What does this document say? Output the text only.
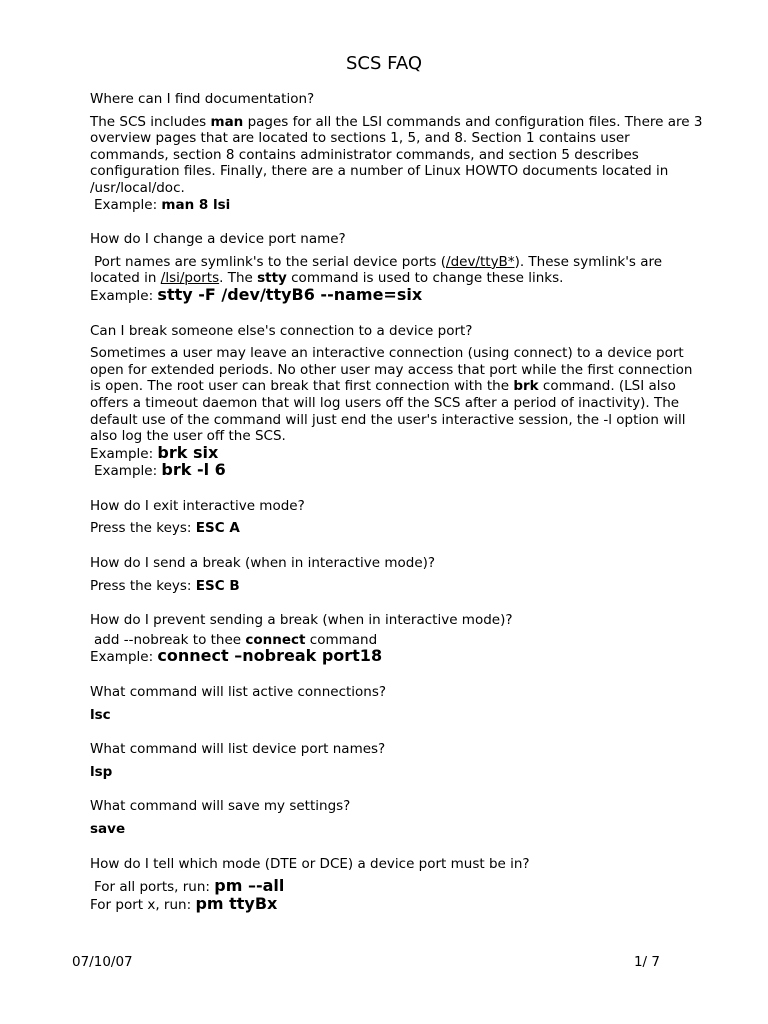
SCS FAQ

Where can I find documentation?

The SCS includes man pages for all the LSI commands and configuration files. There are 3 overview pages that are located to sections 1, 5, and 8. Section 1 contains user commands, section 8 contains administrator commands, and section 5 describes configuration files. Finally, there are a number of Linux HOWTO documents located in /usr/local/doc.

Example: man 8 lsi

How do I change a device port name?

Port names are symlink's to the serial device ports (/dev/ttyB*). These symlink's are located in /lsi/ports. The stty command is used to change these links.

Example: stty -F /dev/ttyB6 --name=six

Can I break someone else's connection to a device port?

Sometimes a user may leave an interactive connection (using connect) to a device port open for extended periods. No other user may access that port while the first connection is open. The root user can break that first connection with the brk command. (LSI also offers a timeout daemon that will log users off the SCS after a period of inactivity). The default use of the command will just end the user's interactive session, the -l option will also log the user off the SCS.

Example: brk six

Example: brk -l 6

How do I exit interactive mode?

Press the keys: ESC A

How do I send a break (when in interactive mode)?

Press the keys: ESC B

How do I prevent sending a break (when in interactive mode)?

add --nobreak to thee connect command

Example: connect –nobreak port18

What command will list active connections?

lsc

What command will list device port names?

lsp

What command will save my settings?

save

How do I tell which mode (DTE or DCE) a device port must be in?

For all ports, run: pm –-all

For port x, run: pm ttyBx

07/10/07	1/ 7
